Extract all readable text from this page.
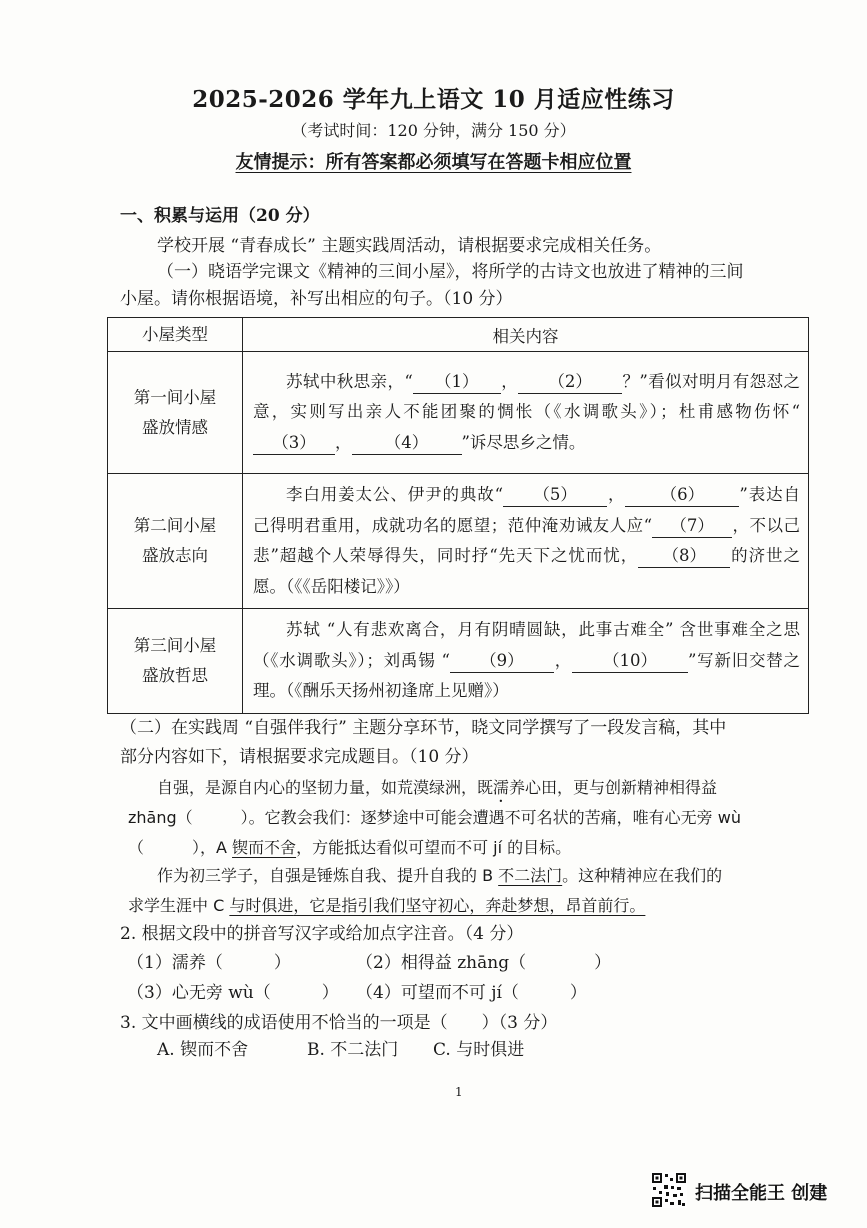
2025-2026 学年九上语文 10 月适应性练习
（考试时间：120 分钟，满分 150 分）
友情提示：所有答案都必须填写在答题卡相应位置
一、积累与运用（20 分）
学校开展 “青春成长” 主题实践周活动，请根据要求完成相关任务。
（一）晓语学完课文《精神的三间小屋》，将所学的古诗文也放进了精神的三间
小屋。请你根据语境，补写出相应的句子。（10 分）
小屋类型	相关内容

第一间小屋
盛放情感	苏轼中秋思亲，“ （1） ， （2） ？”看似对明月有怨怼之意，实则写出亲人不能团聚的惆怅（《水调歌头》）；杜甫感物伤怀“（3） ， （4） ”诉尽思乡之情。

第二间小屋
盛放志向	李白用姜太公、伊尹的典故“ （5） ， （6） ”表达自己得明君重用，成就功名的愿望；范仲淹劝诫友人应“ （7） ，不以己悲”超越个人荣辱得失，同时抒“先天下之忧而忧， （8） 的济世之愿。（《《岳阳楼记》》）

第三间小屋
盛放哲思	苏轼 “人有悲欢离合，月有阴晴圆缺，此事古难全” 含世事难全之思（《水调歌头》）；刘禹锡 “ （9） ， （10） ”写新旧交替之理。（《酬乐天扬州初逢席上见赠》）
（二）在实践周 “自强伴我行” 主题分享环节，晓文同学撰写了一段发言稿，其中
部分内容如下，请根据要求完成题目。（10 分）
自强，是源自内心的坚韧力量，如荒漠绿洲，既濡养心田，更与创新精神相得益
zhāng（　　　）。它教会我们：逐梦途中可能会遭遇不可名状的苦痛，唯有心无旁 wù
（　　　），A 锲而不舍，方能抵达看似可望而不可 jí 的目标。
作为初三学子，自强是锤炼自我、提升自我的 B 不二法门。这种精神应在我们的
求学生涯中 C 与时俱进，它是指引我们坚守初心，奔赴梦想，昂首前行。
2. 根据文段中的拼音写汉字或给加点字注音。（4 分）
（1）濡养（　　　）	（2）相得益 zhāng（　　　　）
（3）心无旁 wù（　　　） （4）可望而不可 jí（　　　）
3. 文中画横线的成语使用不恰当的一项是（　　）（3 分）
A. 锲而不舍	B. 不二法门 C. 与时俱进
1
扫描全能王 创建
